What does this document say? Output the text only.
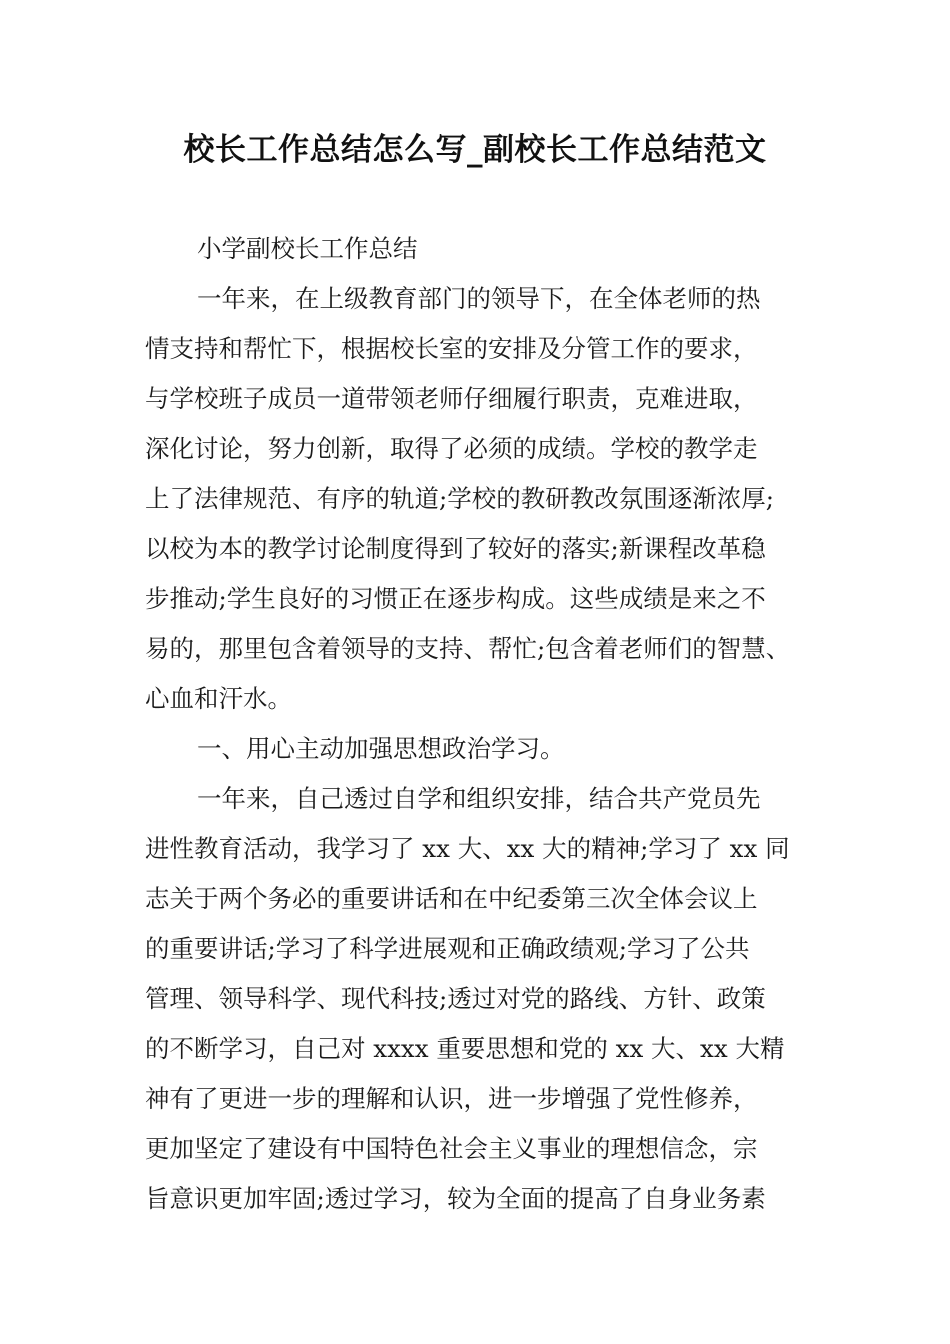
校长工作总结怎么写_副校长工作总结范文
小学副校长工作总结
一年来，在上级教育部门的领导下，在全体老师的热
情支持和帮忙下，根据校长室的安排及分管工作的要求，
与学校班子成员一道带领老师仔细履行职责，克难进取，
深化讨论，努力创新，取得了必须的成绩。学校的教学走
上了法律规范、有序的轨道;学校的教研教改氛围逐渐浓厚;
以校为本的教学讨论制度得到了较好的落实;新课程改革稳
步推动;学生良好的习惯正在逐步构成。这些成绩是来之不
易的，那里包含着领导的支持、帮忙;包含着老师们的智慧、
心血和汗水。
一、用心主动加强思想政治学习。
一年来，自己透过自学和组织安排，结合共产党员先
进性教育活动，我学习了 xx 大、xx 大的精神;学习了 xx 同
志关于两个务必的重要讲话和在中纪委第三次全体会议上
的重要讲话;学习了科学进展观和正确政绩观;学习了公共
管理、领导科学、现代科技;透过对党的路线、方针、政策
的不断学习，自己对 xxxx 重要思想和党的 xx 大、xx 大精
神有了更进一步的理解和认识，进一步增强了党性修养，
更加坚定了建设有中国特色社会主义事业的理想信念，宗
旨意识更加牢固;透过学习，较为全面的提高了自身业务素
